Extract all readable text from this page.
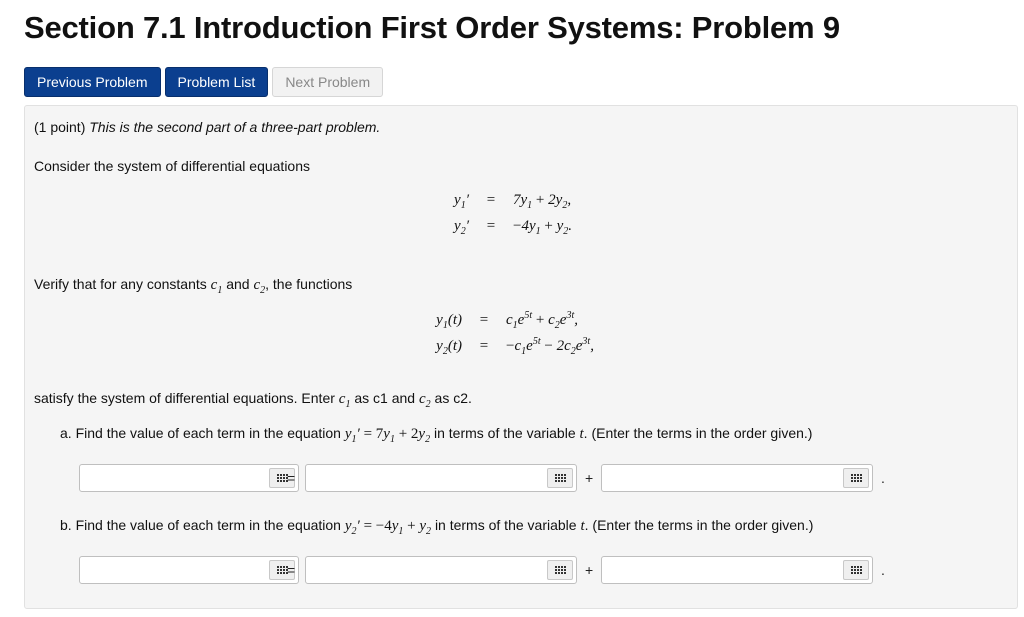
Section 7.1 Introduction First Order Systems: Problem 9
Previous Problem	Problem List	Next Problem
(1 point) This is the second part of a three-part problem.
Consider the system of differential equations
$y_1' = 7y_1 + 2y_2$,
$y_2' = -4y_1 + y_2$.
Verify that for any constants $c_1$ and $c_2$, the functions
$y_1(t) = c_1e^{5t} + c_2e^{3t}$,
$y_2(t) = -c_1e^{5t} - 2c_2e^{3t}$,
satisfy the system of differential equations. Enter $c_1$ as c1 and $c_2$ as c2.
a. Find the value of each term in the equation $y_1' = 7y_1 + 2y_2$ in terms of the variable t. (Enter the terms in the order given.)
=	+	.
b. Find the value of each term in the equation $y_2' = -4y_1 + y_2$ in terms of the variable t. (Enter the terms in the order given.)
=	+	.
